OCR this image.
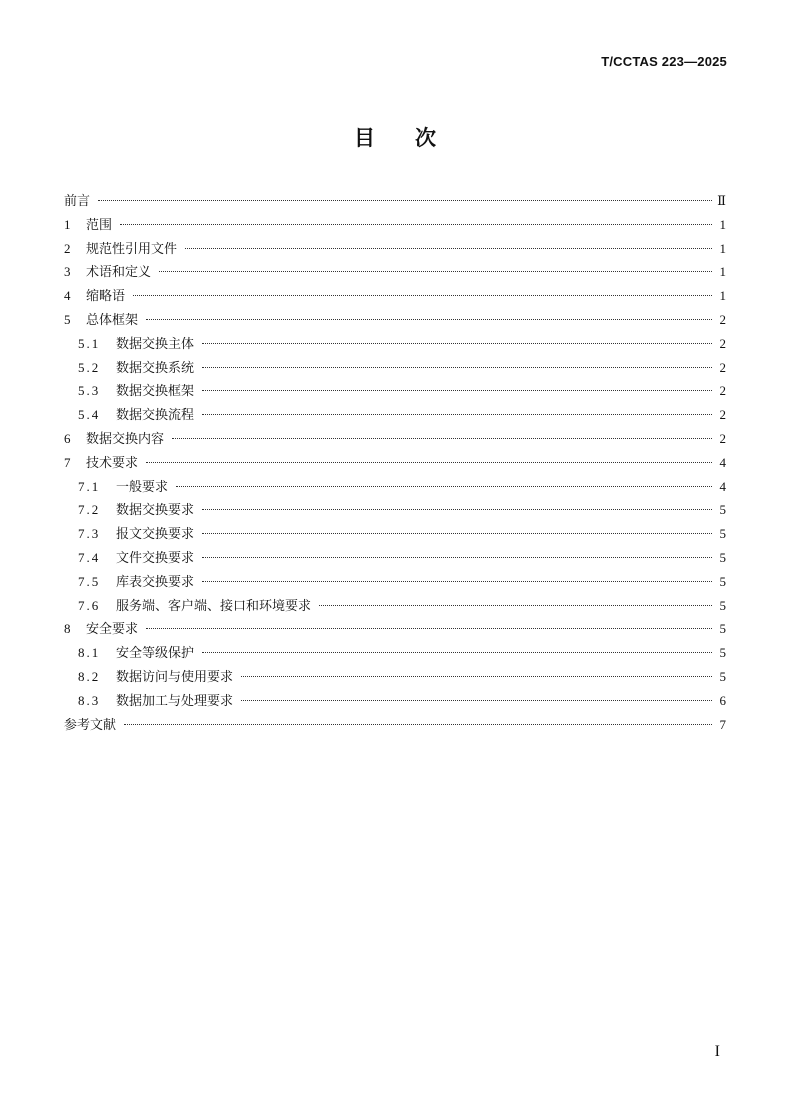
T/CCTAS 223—2025
目次
前言	Ⅱ
1	范围	1
2	规范性引用文件	1
3	术语和定义	1
4	缩略语	1
5	总体框架	2
5.1	数据交换主体	2
5.2	数据交换系统	2
5.3	数据交换框架	2
5.4	数据交换流程	2
6	数据交换内容	2
7	技术要求	4
7.1	一般要求	4
7.2	数据交换要求	5
7.3	报文交换要求	5
7.4	文件交换要求	5
7.5	库表交换要求	5
7.6	服务端、客户端、接口和环境要求	5
8	安全要求	5
8.1	安全等级保护	5
8.2	数据访问与使用要求	5
8.3	数据加工与处理要求	6
参考文献	7
I
